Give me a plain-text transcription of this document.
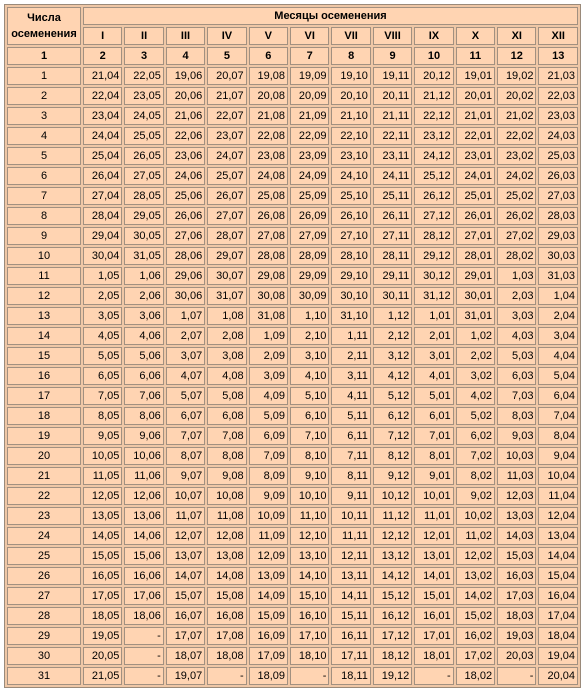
Числа
осеменения	Месяцы осеменения											
	I	II	III	IV	V	VI	VII	VIII	IX	X	XI	XII
1	2	3	4	5	6	7	8	9	10	11	12	13
1	21,04	22,05	19,06	20,07	19,08	19,09	19,10	19,11	20,12	19,01	19,02	21,03
2	22,04	23,05	20,06	21,07	20,08	20,09	20,10	20,11	21,12	20,01	20,02	22,03
3	23,04	24,05	21,06	22,07	21,08	21,09	21,10	21,11	22,12	21,01	21,02	23,03
4	24,04	25,05	22,06	23,07	22,08	22,09	22,10	22,11	23,12	22,01	22,02	24,03
5	25,04	26,05	23,06	24,07	23,08	23,09	23,10	23,11	24,12	23,01	23,02	25,03
6	26,04	27,05	24,06	25,07	24,08	24,09	24,10	24,11	25,12	24,01	24,02	26,03
7	27,04	28,05	25,06	26,07	25,08	25,09	25,10	25,11	26,12	25,01	25,02	27,03
8	28,04	29,05	26,06	27,07	26,08	26,09	26,10	26,11	27,12	26,01	26,02	28,03
9	29,04	30,05	27,06	28,07	27,08	27,09	27,10	27,11	28,12	27,01	27,02	29,03
10	30,04	31,05	28,06	29,07	28,08	28,09	28,10	28,11	29,12	28,01	28,02	30,03
11	1,05	1,06	29,06	30,07	29,08	29,09	29,10	29,11	30,12	29,01	1,03	31,03
12	2,05	2,06	30,06	31,07	30,08	30,09	30,10	30,11	31,12	30,01	2,03	1,04
13	3,05	3,06	1,07	1,08	31,08	1,10	31,10	1,12	1,01	31,01	3,03	2,04
14	4,05	4,06	2,07	2,08	1,09	2,10	1,11	2,12	2,01	1,02	4,03	3,04
15	5,05	5,06	3,07	3,08	2,09	3,10	2,11	3,12	3,01	2,02	5,03	4,04
16	6,05	6,06	4,07	4,08	3,09	4,10	3,11	4,12	4,01	3,02	6,03	5,04
17	7,05	7,06	5,07	5,08	4,09	5,10	4,11	5,12	5,01	4,02	7,03	6,04
18	8,05	8,06	6,07	6,08	5,09	6,10	5,11	6,12	6,01	5,02	8,03	7,04
19	9,05	9,06	7,07	7,08	6,09	7,10	6,11	7,12	7,01	6,02	9,03	8,04
20	10,05	10,06	8,07	8,08	7,09	8,10	7,11	8,12	8,01	7,02	10,03	9,04
21	11,05	11,06	9,07	9,08	8,09	9,10	8,11	9,12	9,01	8,02	11,03	10,04
22	12,05	12,06	10,07	10,08	9,09	10,10	9,11	10,12	10,01	9,02	12,03	11,04
23	13,05	13,06	11,07	11,08	10,09	11,10	10,11	11,12	11,01	10,02	13,03	12,04
24	14,05	14,06	12,07	12,08	11,09	12,10	11,11	12,12	12,01	11,02	14,03	13,04
25	15,05	15,06	13,07	13,08	12,09	13,10	12,11	13,12	13,01	12,02	15,03	14,04
26	16,05	16,06	14,07	14,08	13,09	14,10	13,11	14,12	14,01	13,02	16,03	15,04
27	17,05	17,06	15,07	15,08	14,09	15,10	14,11	15,12	15,01	14,02	17,03	16,04
28	18,05	18,06	16,07	16,08	15,09	16,10	15,11	16,12	16,01	15,02	18,03	17,04
29	19,05	-	17,07	17,08	16,09	17,10	16,11	17,12	17,01	16,02	19,03	18,04
30	20,05	-	18,07	18,08	17,09	18,10	17,11	18,12	18,01	17,02	20,03	19,04
31	21,05	-	19,07	-	18,09	-	18,11	19,12	-	18,02	-	20,04
